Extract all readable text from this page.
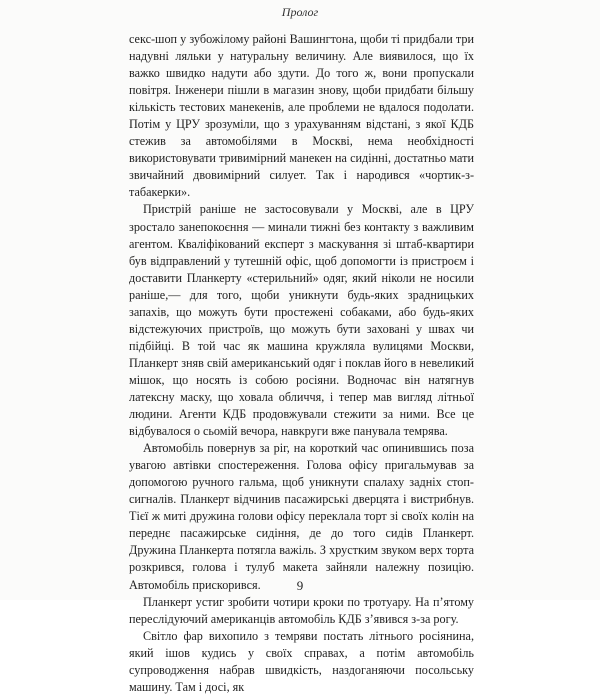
Пролог

секс-шоп у зубожілому районі Вашингтона, щоби ті придбали три надувні ляльки у натуральну величину. Але виявилося, що їх важко швидко надути або здути. До того ж, вони пропускали повітря. Інженери пішли в магазин знову, щоби придбати більшу кількість тестових манекенів, але проблеми не вдалося подолати. Потім у ЦРУ зрозуміли, що з урахуванням відстані, з якої КДБ стежив за автомобілями в Москві, нема необхідності використовувати тривимірний манекен на сидінні, достатньо мати звичайний двовимірний силует. Так і народився «чортик-з-табакерки».

Пристрій раніше не застосовували у Москві, але в ЦРУ зростало занепокоєння — минали тижні без контакту з важливим агентом. Кваліфікований експерт з маскування зі штаб-квартири був відправлений у тутешній офіс, щоб допомогти із пристроєм і доставити Планкерту «стерильний» одяг, який ніколи не носили раніше,— для того, щоби уникнути будь-яких зрадницьких запахів, що можуть бути простежені собаками, або будь-яких відстежуючих пристроїв, що можуть бути заховані у швах чи підбійці. В той час як машина кружляла вулицями Москви, Планкерт зняв свій американський одяг і поклав його в невеликий мішок, що носять із собою росіяни. Водночас він натягнув латексну маску, що ховала обличчя, і тепер мав вигляд літньої людини. Агенти КДБ продовжували стежити за ними. Все це відбувалося о сьомій вечора, навкруги вже панувала темрява.

Автомобіль повернув за ріг, на короткий час опинившись поза увагою автівки спостереження. Голова офісу пригальмував за допомогою ручного гальма, щоб уникнути спалаху задніх стоп-сигналів. Планкерт відчинив пасажирські дверцята і вистрибнув. Тієї ж миті дружина голови офісу переклала торт зі своїх колін на переднє пасажирське сидіння, де до того сидів Планкерт. Дружина Планкерта потягла важіль. З хрустким звуком верх торта розкрився, голова і тулуб макета зайняли належну позицію. Автомобіль прискорився.

Планкерт устиг зробити чотири кроки по тротуару. На п’ятому переслідуючий американців автомобіль КДБ з’явився з-за рогу.

Світло фар вихопило з темряви постать літнього росіянина, який ішов кудись у своїх справах, а потім автомобіль супроводження набрав швидкість, наздоганяючи посольську машину. Там і досі, як

9
